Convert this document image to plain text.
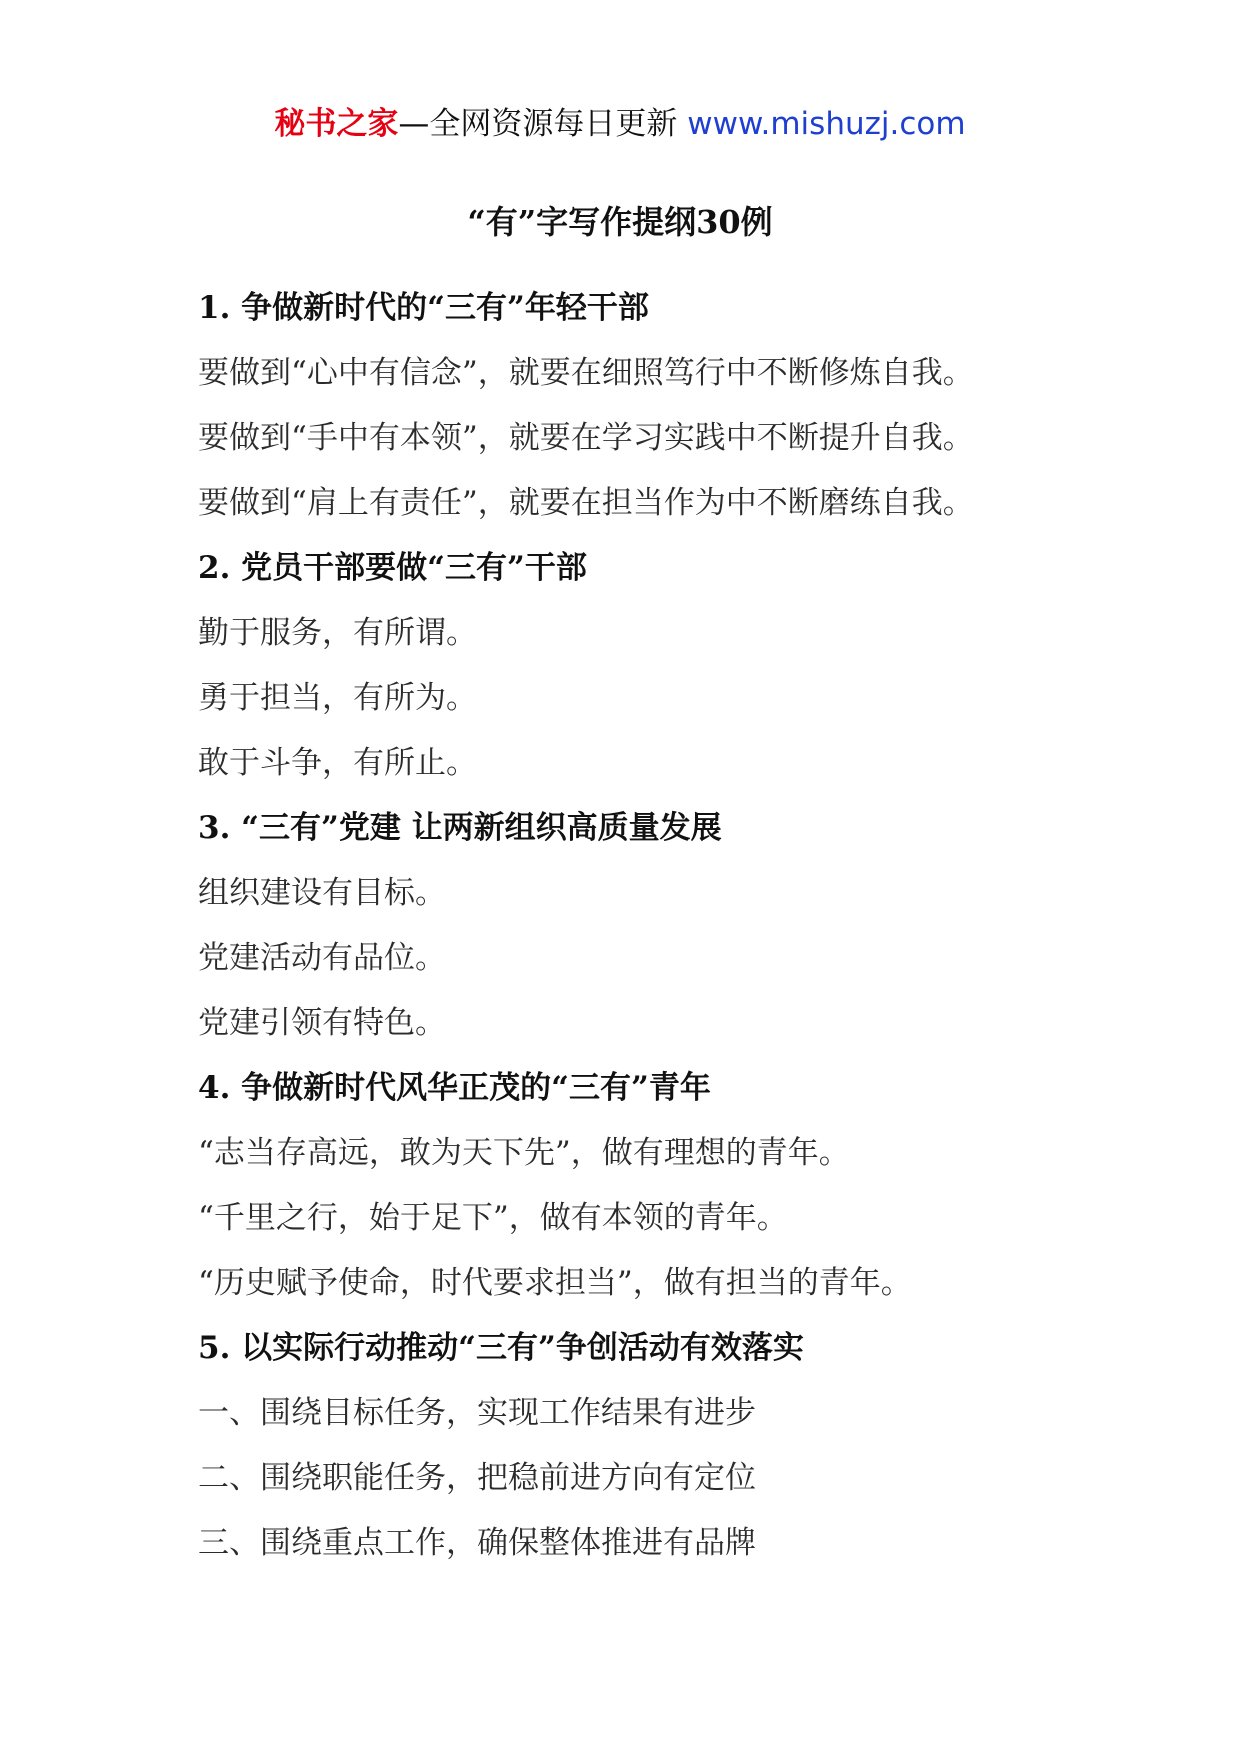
秘书之家—全网资源每日更新 www.mishuzj.com
“有”字写作提纲30例
1. 争做新时代的“三有”年轻干部
要做到“心中有信念”，就要在细照笃行中不断修炼自我。
要做到“手中有本领”，就要在学习实践中不断提升自我。
要做到“肩上有责任”，就要在担当作为中不断磨练自我。
2. 党员干部要做“三有”干部
勤于服务，有所谓。
勇于担当，有所为。
敢于斗争，有所止。
3. “三有”党建 让两新组织高质量发展
组织建设有目标。
党建活动有品位。
党建引领有特色。
4. 争做新时代风华正茂的“三有”青年
“志当存高远，敢为天下先”，做有理想的青年。
“千里之行，始于足下”，做有本领的青年。
“历史赋予使命，时代要求担当”，做有担当的青年。
5. 以实际行动推动“三有”争创活动有效落实
一、围绕目标任务，实现工作结果有进步
二、围绕职能任务，把稳前进方向有定位
三、围绕重点工作，确保整体推进有品牌
